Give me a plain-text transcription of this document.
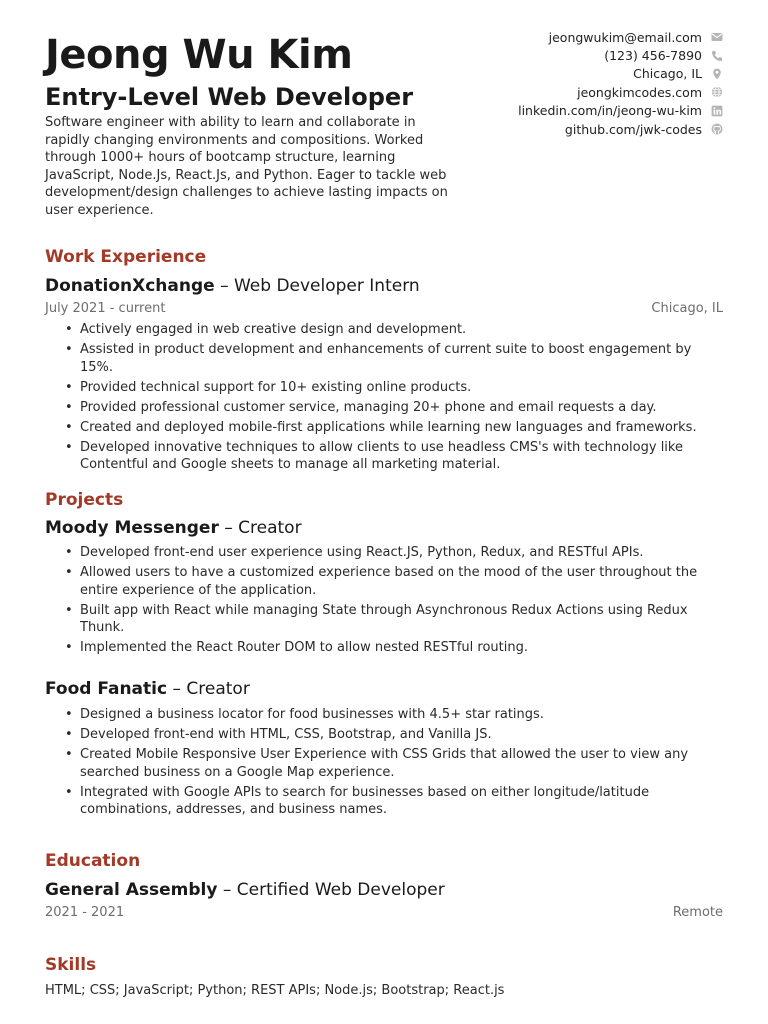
Jeong Wu Kim
Entry-Level Web Developer

Software engineer with ability to learn and collaborate in rapidly changing environments and compositions. Worked through 1000+ hours of bootcamp structure, learning JavaScript, Node.Js, React.Js, and Python. Eager to tackle web development/design challenges to achieve lasting impacts on user experience.

jeongwukim@email.com
(123) 456-7890
Chicago, IL
jeongkimcodes.com
linkedin.com/in/jeong-wu-kim
github.com/jwk-codes
Work Experience
DonationXchange – Web Developer Intern
July 2021 - current	Chicago, IL
• Actively engaged in web creative design and development.
• Assisted in product development and enhancements of current suite to boost engagement by 15%.
• Provided technical support for 10+ existing online products.
• Provided professional customer service, managing 20+ phone and email requests a day.
• Created and deployed mobile-first applications while learning new languages and frameworks.
• Developed innovative techniques to allow clients to use headless CMS's with technology like Contentful and Google sheets to manage all marketing material.
Projects
Moody Messenger – Creator
• Developed front-end user experience using React.JS, Python, Redux, and RESTful APIs.
• Allowed users to have a customized experience based on the mood of the user throughout the entire experience of the application.
• Built app with React while managing State through Asynchronous Redux Actions using Redux Thunk.
• Implemented the React Router DOM to allow nested RESTful routing.
Food Fanatic – Creator
• Designed a business locator for food businesses with 4.5+ star ratings.
• Developed front-end with HTML, CSS, Bootstrap, and Vanilla JS.
• Created Mobile Responsive User Experience with CSS Grids that allowed the user to view any searched business on a Google Map experience.
• Integrated with Google APIs to search for businesses based on either longitude/latitude combinations, addresses, and business names.
Education
General Assembly – Certified Web Developer
2021 - 2021	Remote
Skills

HTML; CSS; JavaScript; Python; REST APIs; Node.js; Bootstrap; React.js
